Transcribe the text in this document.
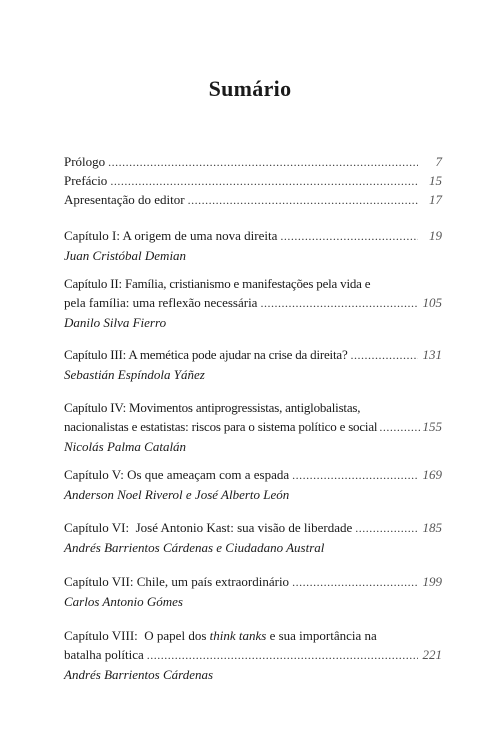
Sumário
Prólogo .....	7
Prefácio .....	15
Apresentação do editor .....	17
Capítulo I: A origem de uma nova direita .....	19
Juan Cristóbal Demian
Capítulo II: Família, cristianismo e manifestações pela vida e
pela família: uma reflexão necessária .....	105
Danilo Silva Fierro
Capítulo III: A memética pode ajudar na crise da direita? .....	131
Sebastián Espíndola Yáñez
Capítulo IV: Movimentos antiprogressistas, antiglobalistas,
nacionalistas e estatistas: riscos para o sistema político e social .....	155
Nicolás Palma Catalán
Capítulo V: Os que ameaçam com a espada .....	169
Anderson Noel Riverol e José Alberto León
Capítulo VI:  José Antonio Kast: sua visão de liberdade .....	185
Andrés Barrientos Cárdenas e Ciudadano Austral
Capítulo VII: Chile, um país extraordinário .....	199
Carlos Antonio Gómes
Capítulo VIII:  O papel dos think tanks e sua importância na
batalha política .....	221
Andrés Barrientos Cárdenas
